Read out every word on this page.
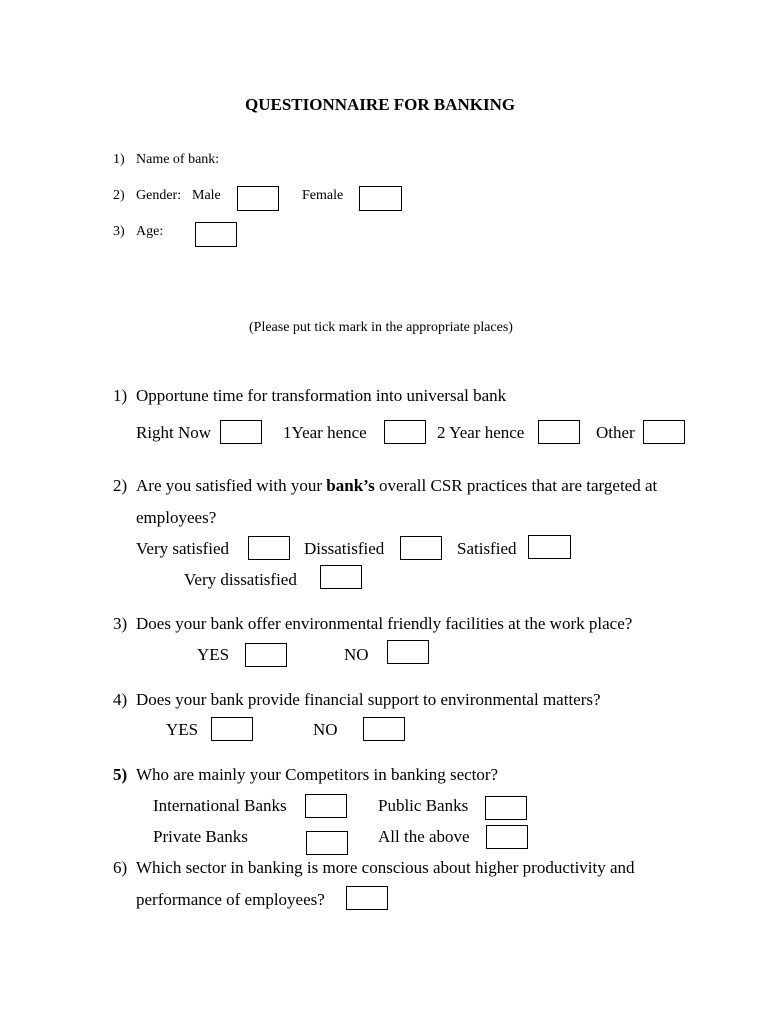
QUESTIONNAIRE FOR BANKING
1) Name of bank:
2) Gender: Male	Female
3) Age:
(Please put tick mark in the appropriate places)
1) Opportune time for transformation into universal bank
Right Now	1Year hence	2 Year hence	Other
2) Are you satisfied with your bank’s overall CSR practices that are targeted at
employees?
Very satisfied	Dissatisfied	Satisfied
Very dissatisfied
3) Does your bank offer environmental friendly facilities at the work place?
YES	NO
4) Does your bank provide financial support to environmental matters?
YES	NO
5) Who are mainly your Competitors in banking sector?
International Banks	Public Banks
Private Banks	All the above
6) Which sector in banking is more conscious about higher productivity and
performance of employees?
